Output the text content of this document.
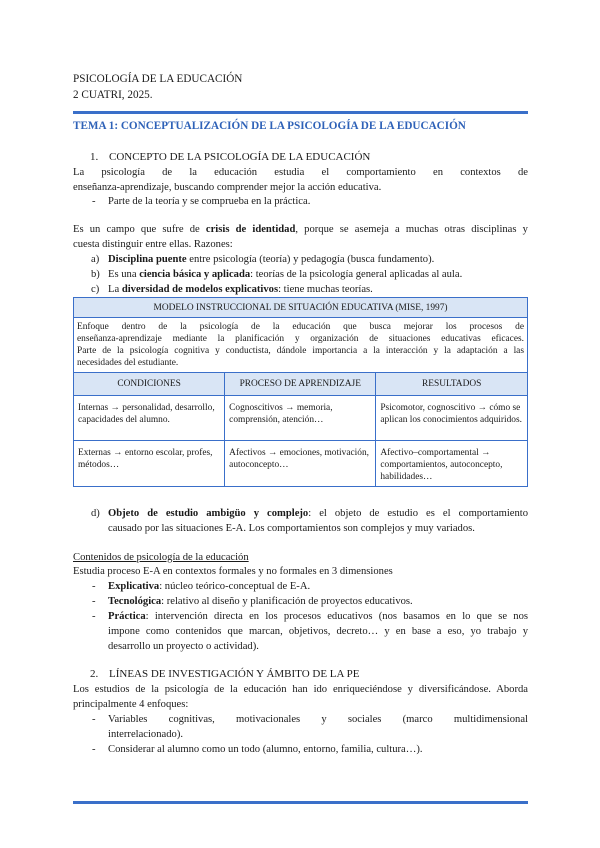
PSICOLOGÍA DE LA EDUCACIÓN
2 CUATRI, 2025.
TEMA 1: CONCEPTUALIZACIÓN DE LA PSICOLOGÍA DE LA EDUCACIÓN
1. CONCEPTO DE LA PSICOLOGÍA DE LA EDUCACIÓN
La psicología de la educación estudia el comportamiento en contextos de
enseñanza-aprendizaje, buscando comprender mejor la acción educativa.
- Parte de la teoría y se comprueba en la práctica.
Es un campo que sufre de crisis de identidad, porque se asemeja a muchas otras disciplinas y
cuesta distinguir entre ellas. Razones:
a) Disciplina puente entre psicología (teoría) y pedagogía (busca fundamento).
b) Es una ciencia básica y aplicada: teorías de la psicología general aplicadas al aula.
c) La diversidad de modelos explicativos: tiene muchas teorías.
MODELO INSTRUCCIONAL DE SITUACIÓN EDUCATIVA (MISE, 1997)		

Enfoque dentro de la psicología de la educación que busca mejorar los procesos de
enseñanza-aprendizaje mediante la planificación y organización de situaciones educativas eficaces.
Parte de la psicología cognitiva y conductista, dándole importancia a la interacción y la adaptación a las
necesidades del estudiante.		

CONDICIONES	PROCESO DE APRENDIZAJE	RESULTADOS
Internas → personalidad, desarrollo, capacidades del alumno.	Cognoscitivos → memoria, comprensión, atención…	Psicomotor, cognoscitivo → cómo se aplican los conocimientos adquiridos.
Externas → entorno escolar, profes, métodos…	Afectivos → emociones, motivación, autoconcepto…	Afectivo–comportamental → comportamientos, autoconcepto, habilidades…
d) Objeto de estudio ambigüo y complejo: el objeto de estudio es el comportamiento
causado por las situaciones E-A. Los comportamientos son complejos y muy variados.
Contenidos de psicología de la educación
Estudia proceso E-A en contextos formales y no formales en 3 dimensiones
- Explicativa: núcleo teórico-conceptual de E-A.
- Tecnológica: relativo al diseño y planificación de proyectos educativos.
- Práctica: intervención directa en los procesos educativos (nos basamos en lo que se nos
impone como contenidos que marcan, objetivos, decreto… y en base a eso, yo trabajo y
desarrollo un proyecto o actividad).
2. LÍNEAS DE INVESTIGACIÓN Y ÁMBITO DE LA PE
Los estudios de la psicología de la educación han ido enriqueciéndose y diversificándose. Aborda
principalmente 4 enfoques:
- Variables cognitivas, motivacionales y sociales (marco multidimensional
interrelacionado).
- Considerar al alumno como un todo (alumno, entorno, familia, cultura…).
